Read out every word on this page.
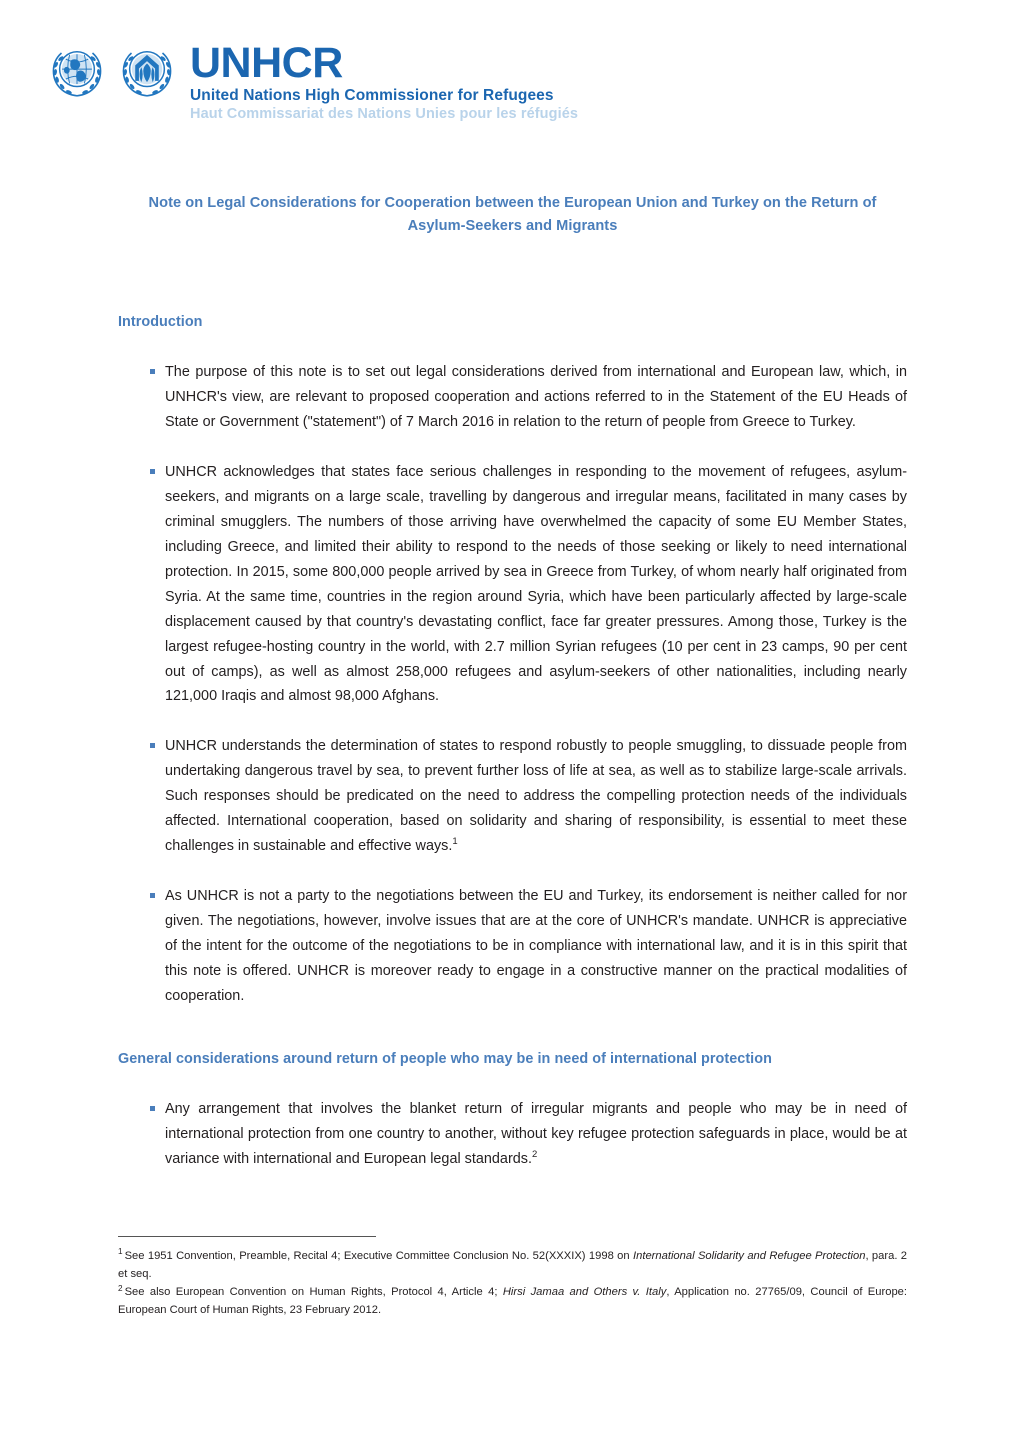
UNHCR
United Nations High Commissioner for Refugees
Haut Commissariat des Nations Unies pour les réfugiés
Note on Legal Considerations for Cooperation between the European Union and Turkey on the Return of Asylum-Seekers and Migrants
Introduction
The purpose of this note is to set out legal considerations derived from international and European law, which, in UNHCR's view, are relevant to proposed cooperation and actions referred to in the Statement of the EU Heads of State or Government ("statement") of 7 March 2016 in relation to the return of people from Greece to Turkey.
UNHCR acknowledges that states face serious challenges in responding to the movement of refugees, asylum-seekers, and migrants on a large scale, travelling by dangerous and irregular means, facilitated in many cases by criminal smugglers. The numbers of those arriving have overwhelmed the capacity of some EU Member States, including Greece, and limited their ability to respond to the needs of those seeking or likely to need international protection. In 2015, some 800,000 people arrived by sea in Greece from Turkey, of whom nearly half originated from Syria. At the same time, countries in the region around Syria, which have been particularly affected by large-scale displacement caused by that country's devastating conflict, face far greater pressures. Among those, Turkey is the largest refugee-hosting country in the world, with 2.7 million Syrian refugees (10 per cent in 23 camps, 90 per cent out of camps), as well as almost 258,000 refugees and asylum-seekers of other nationalities, including nearly 121,000 Iraqis and almost 98,000 Afghans.
UNHCR understands the determination of states to respond robustly to people smuggling, to dissuade people from undertaking dangerous travel by sea, to prevent further loss of life at sea, as well as to stabilize large-scale arrivals. Such responses should be predicated on the need to address the compelling protection needs of the individuals affected. International cooperation, based on solidarity and sharing of responsibility, is essential to meet these challenges in sustainable and effective ways.$^1$
As UNHCR is not a party to the negotiations between the EU and Turkey, its endorsement is neither called for nor given. The negotiations, however, involve issues that are at the core of UNHCR's mandate. UNHCR is appreciative of the intent for the outcome of the negotiations to be in compliance with international law, and it is in this spirit that this note is offered. UNHCR is moreover ready to engage in a constructive manner on the practical modalities of cooperation.
General considerations around return of people who may be in need of international protection
Any arrangement that involves the blanket return of irregular migrants and people who may be in need of international protection from one country to another, without key refugee protection safeguards in place, would be at variance with international and European legal standards.$^2$

$^1$ See 1951 Convention, Preamble, Recital 4; Executive Committee Conclusion No. 52(XXXIX) 1998 on International Solidarity and Refugee Protection, para. 2 et seq.

$^2$ See also European Convention on Human Rights, Protocol 4, Article 4; Hirsi Jamaa and Others v. Italy, Application no. 27765/09, Council of Europe: European Court of Human Rights, 23 February 2012.
